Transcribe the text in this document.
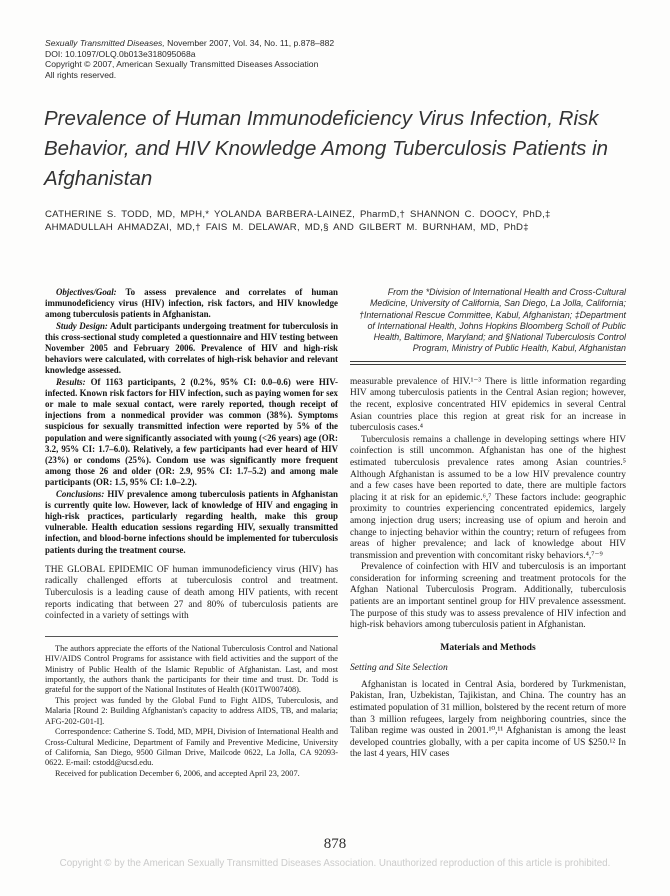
Sexually Transmitted Diseases, November 2007, Vol. 34, No. 11, p.878–882
DOI: 10.1097/OLQ.0b013e318095068a
Copyright © 2007, American Sexually Transmitted Diseases Association
All rights reserved.
Prevalence of Human Immunodeficiency Virus Infection, Risk Behavior, and HIV Knowledge Among Tuberculosis Patients in Afghanistan
CATHERINE S. TODD, MD, MPH,* YOLANDA BARBERA-LAINEZ, PharmD,† SHANNON C. DOOCY, PhD,‡
AHMADULLAH AHMADZAI, MD,† FAIS M. DELAWAR, MD,§ AND GILBERT M. BURNHAM, MD, PhD‡

Objectives/Goal: To assess prevalence and correlates of human immunodeficiency virus (HIV) infection, risk factors, and HIV knowledge among tuberculosis patients in Afghanistan.

Study Design: Adult participants undergoing treatment for tuberculosis in this cross-sectional study completed a questionnaire and HIV testing between November 2005 and February 2006. Prevalence of HIV and high-risk behaviors were calculated, with correlates of high-risk behavior and relevant knowledge assessed.

Results: Of 1163 participants, 2 (0.2%, 95% CI: 0.0–0.6) were HIV-infected. Known risk factors for HIV infection, such as paying women for sex or male to male sexual contact, were rarely reported, though receipt of injections from a nonmedical provider was common (38%). Symptoms suspicious for sexually transmitted infection were reported by 5% of the population and were significantly associated with young (<26 years) age (OR: 3.2, 95% CI: 1.7–6.0). Relatively, a few participants had ever heard of HIV (23%) or condoms (25%). Condom use was significantly more frequent among those 26 and older (OR: 2.9, 95% CI: 1.7–5.2) and among male participants (OR: 1.5, 95% CI: 1.0–2.2).

Conclusions: HIV prevalence among tuberculosis patients in Afghanistan is currently quite low. However, lack of knowledge of HIV and engaging in high-risk practices, particularly regarding health, make this group vulnerable. Health education sessions regarding HIV, sexually transmitted infection, and blood-borne infections should be implemented for tuberculosis patients during the treatment course.

THE GLOBAL EPIDEMIC OF human immunodeficiency virus (HIV) has radically challenged efforts at tuberculosis control and treatment. Tuberculosis is a leading cause of death among HIV patients, with recent reports indicating that between 27 and 80% of tuberculosis patients are coinfected in a variety of settings with

The authors appreciate the efforts of the National Tuberculosis Control and National HIV/AIDS Control Programs for assistance with field activities and the support of the Ministry of Public Health of the Islamic Republic of Afghanistan. Last, and most importantly, the authors thank the participants for their time and trust. Dr. Todd is grateful for the support of the National Institutes of Health (K01TW007408).

This project was funded by the Global Fund to Fight AIDS, Tuberculosis, and Malaria [Round 2: Building Afghanistan's capacity to address AIDS, TB, and malaria; AFG-202-G01-I].

Correspondence: Catherine S. Todd, MD, MPH, Division of International Health and Cross-Cultural Medicine, Department of Family and Preventive Medicine, University of California, San Diego, 9500 Gilman Drive, Mailcode 0622, La Jolla, CA 92093-0622. E-mail: cstodd@ucsd.edu.

Received for publication December 6, 2006, and accepted April 23, 2007.

From the *Division of International Health and Cross-Cultural Medicine, University of California, San Diego, La Jolla, California; †International Rescue Committee, Kabul, Afghanistan; ‡Department of International Health, Johns Hopkins Bloomberg Scholl of Public Health, Baltimore, Maryland; and §National Tuberculosis Control Program, Ministry of Public Health, Kabul, Afghanistan

measurable prevalence of HIV.¹⁻³ There is little information regarding HIV among tuberculosis patients in the Central Asian region; however, the recent, explosive concentrated HIV epidemics in several Central Asian countries place this region at great risk for an increase in tuberculosis cases.⁴

Tuberculosis remains a challenge in developing settings where HIV coinfection is still uncommon. Afghanistan has one of the highest estimated tuberculosis prevalence rates among Asian countries.⁵ Although Afghanistan is assumed to be a low HIV prevalence country and a few cases have been reported to date, there are multiple factors placing it at risk for an epidemic.⁶,⁷ These factors include: geographic proximity to countries experiencing concentrated epidemics, largely among injection drug users; increasing use of opium and heroin and change to injecting behavior within the country; return of refugees from areas of higher prevalence; and lack of knowledge about HIV transmission and prevention with concomitant risky behaviors.⁴,⁷⁻⁹

Prevalence of coinfection with HIV and tuberculosis is an important consideration for informing screening and treatment protocols for the Afghan National Tuberculosis Program. Additionally, tuberculosis patients are an important sentinel group for HIV prevalence assessment. The purpose of this study was to assess prevalence of HIV infection and high-risk behaviors among tuberculosis patient in Afghanistan.

Materials and Methods
Setting and Site Selection

Afghanistan is located in Central Asia, bordered by Turkmenistan, Pakistan, Iran, Uzbekistan, Tajikistan, and China. The country has an estimated population of 31 million, bolstered by the recent return of more than 3 million refugees, largely from neighboring countries, since the Taliban regime was ousted in 2001.¹⁰,¹¹ Afghanistan is among the least developed countries globally, with a per capita income of US $250.¹² In the last 4 years, HIV cases

878
Copyright © by the American Sexually Transmitted Diseases Association. Unauthorized reproduction of this article is prohibited.
